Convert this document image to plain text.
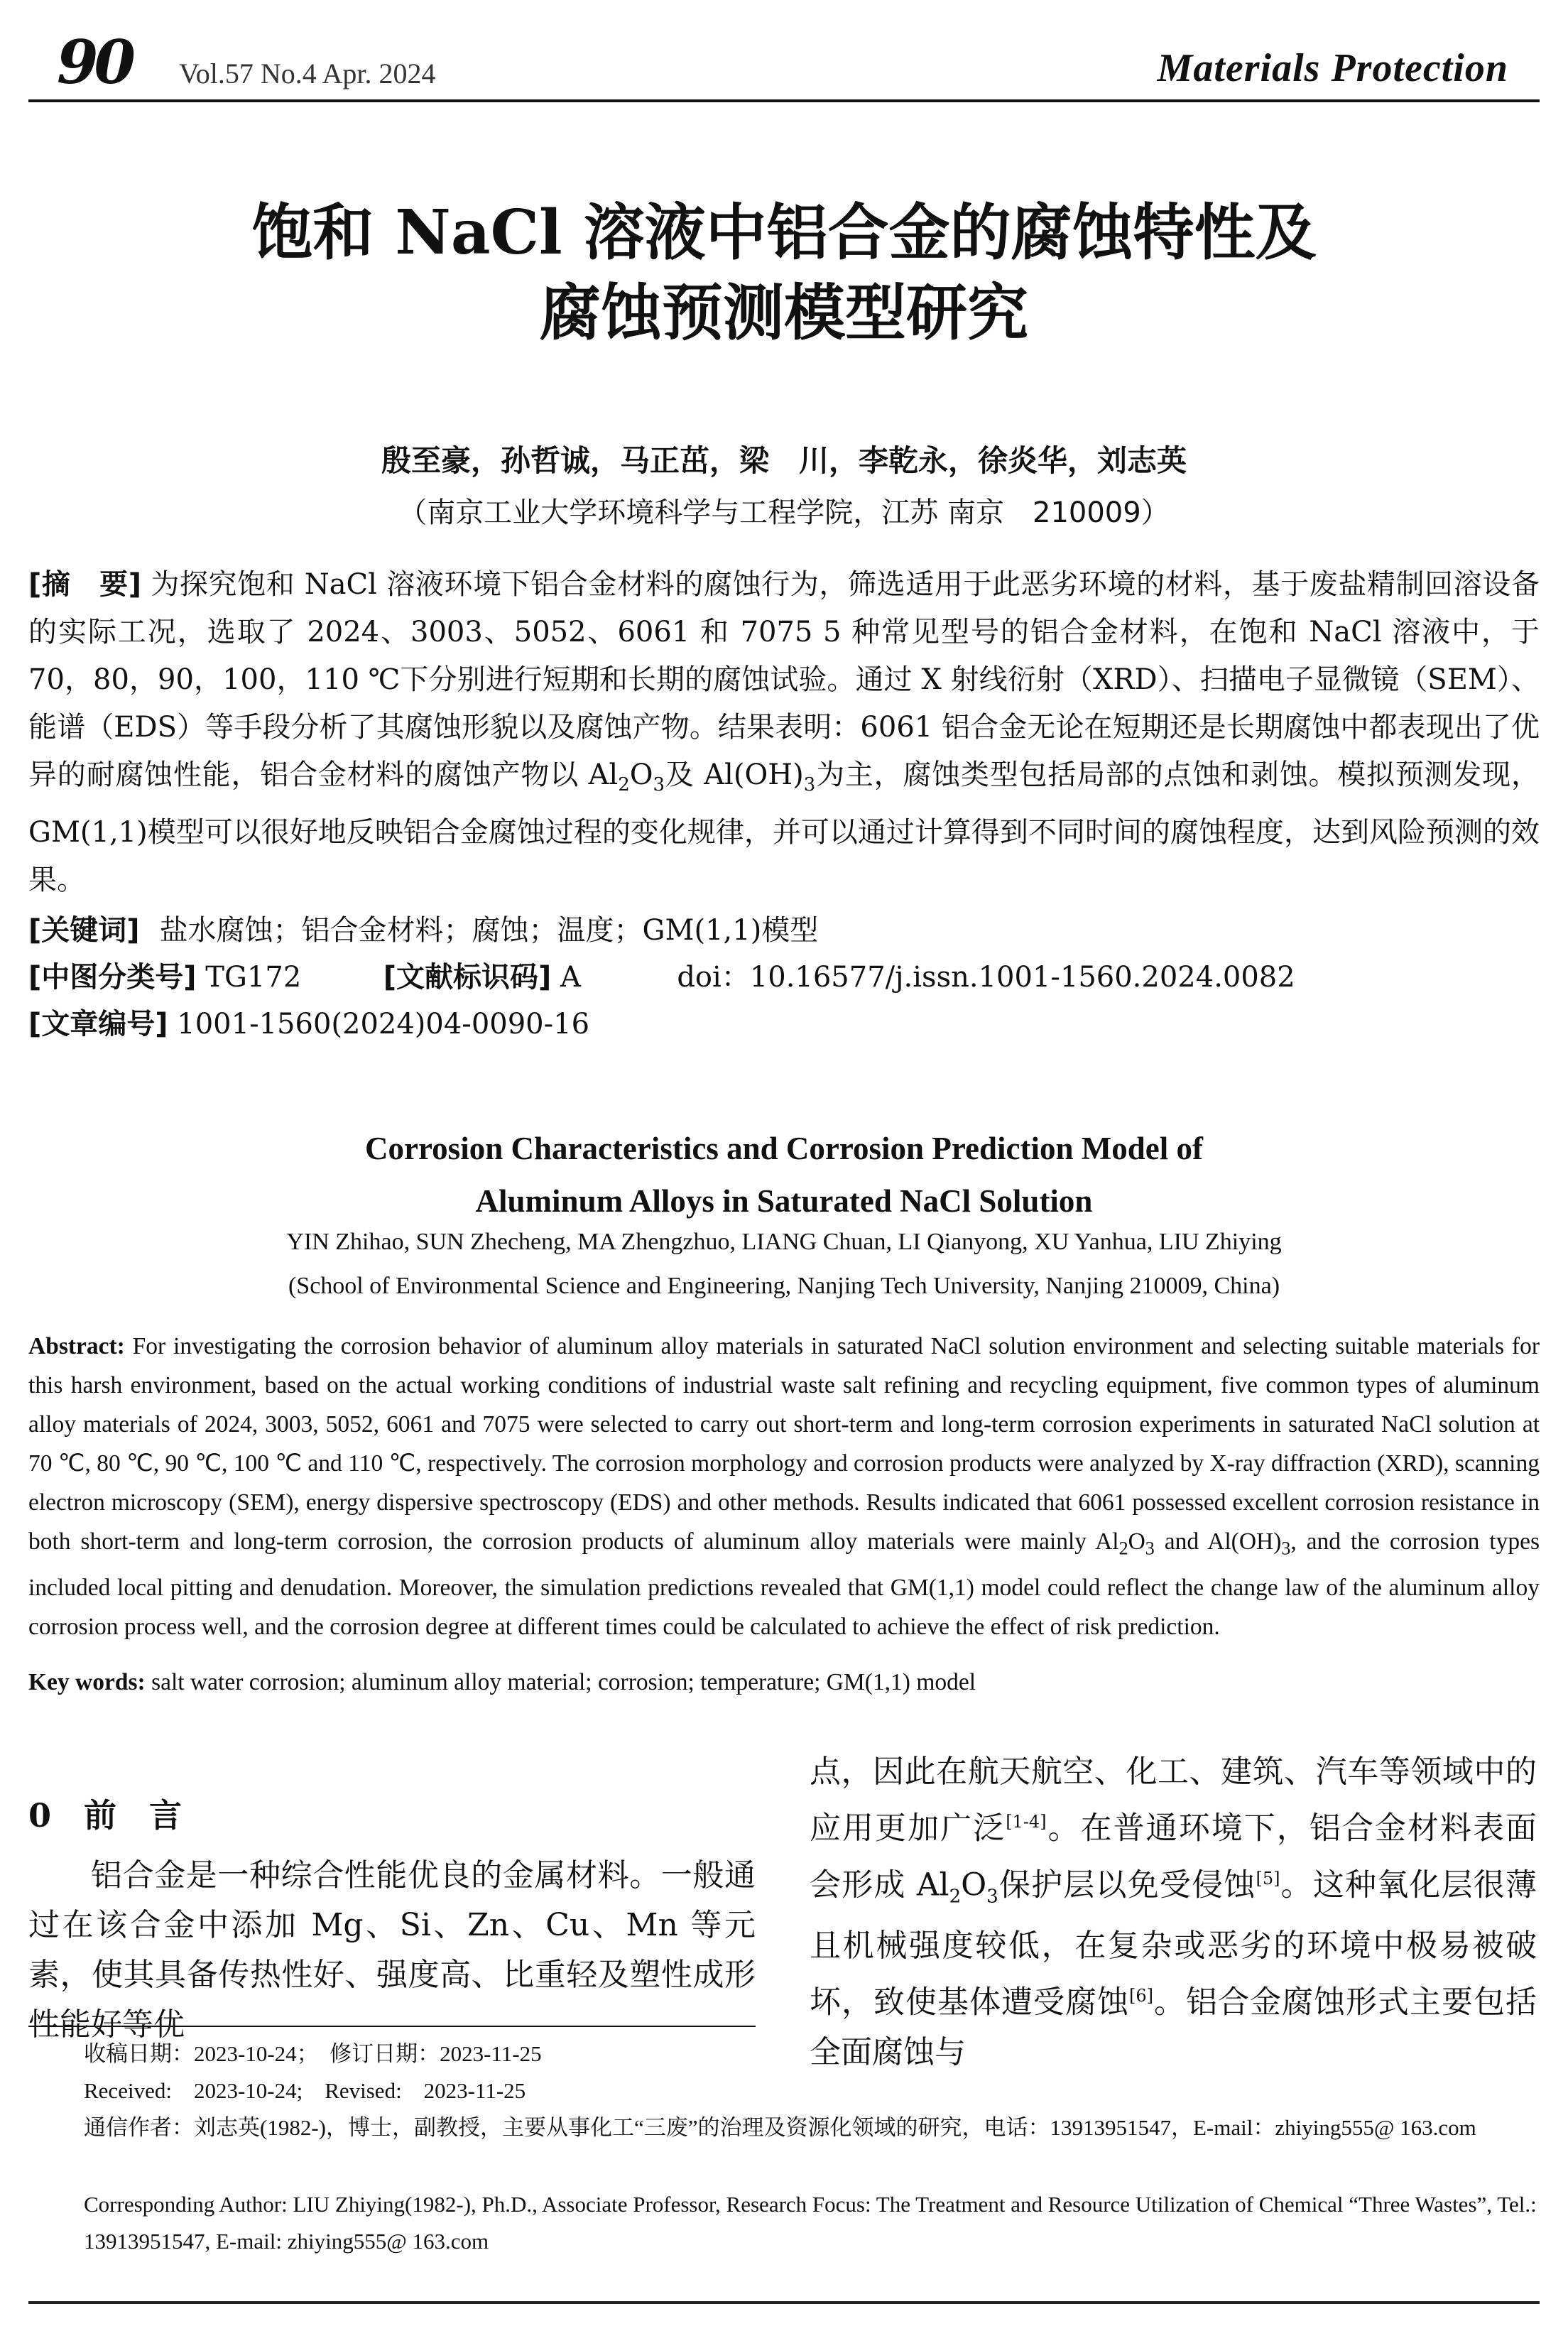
90 Vol.57 No.4 Apr. 2024	Materials Protection
饱和 NaCl 溶液中铝合金的腐蚀特性及
腐蚀预测模型研究
殷至豪，孙哲诚，马正茁，梁　川，李乾永，徐炎华，刘志英
（南京工业大学环境科学与工程学院，江苏 南京　210009）
[摘　要] 为探究饱和 NaCl 溶液环境下铝合金材料的腐蚀行为，筛选适用于此恶劣环境的材料，基于废盐精制回溶设备的实际工况，选取了 2024、3003、5052、6061 和 7075 5 种常见型号的铝合金材料，在饱和 NaCl 溶液中，于 70，80，90，100，110 ℃下分别进行短期和长期的腐蚀试验。通过 X 射线衍射（XRD）、扫描电子显微镜（SEM）、能谱（EDS）等手段分析了其腐蚀形貌以及腐蚀产物。结果表明：6061 铝合金无论在短期还是长期腐蚀中都表现出了优异的耐腐蚀性能，铝合金材料的腐蚀产物以 $Al_2O_3$及 $Al(OH)_3$为主，腐蚀类型包括局部的点蚀和剥蚀。模拟预测发现，GM(1,1)模型可以很好地反映铝合金腐蚀过程的变化规律，并可以通过计算得到不同时间的腐蚀程度，达到风险预测的效果。
[关键词] 盐水腐蚀；铝合金材料；腐蚀；温度；GM(1,1)模型
[中图分类号] TG172	[文献标识码] A	doi：10.16577/j.issn.1001-1560.2024.0082
[文章编号] 1001-1560(2024)04-0090-16
Corrosion Characteristics and Corrosion Prediction Model of
Aluminum Alloys in Saturated NaCl Solution
YIN Zhihao, SUN Zhecheng, MA Zhengzhuo, LIANG Chuan, LI Qianyong, XU Yanhua, LIU Zhiying
(School of Environmental Science and Engineering, Nanjing Tech University, Nanjing 210009, China)
Abstract: For investigating the corrosion behavior of aluminum alloy materials in saturated NaCl solution environment and selecting suitable materials for this harsh environment, based on the actual working conditions of industrial waste salt refining and recycling equipment, five common types of aluminum alloy materials of 2024, 3003, 5052, 6061 and 7075 were selected to carry out short-term and long-term corrosion experiments in saturated NaCl solution at 70 ℃, 80 ℃, 90 ℃, 100 ℃ and 110 ℃, respectively. The corrosion morphology and corrosion products were analyzed by X-ray diffraction (XRD), scanning electron microscopy (SEM), energy dispersive spectroscopy (EDS) and other methods. Results indicated that 6061 possessed excellent corrosion resistance in both short-term and long-term corrosion, the corrosion products of aluminum alloy materials were mainly $Al_2O_3$ and $Al(OH)_3$, and the corrosion types included local pitting and denudation. Moreover, the simulation predictions revealed that GM(1,1) model could reflect the change law of the aluminum alloy corrosion process well, and the corrosion degree at different times could be calculated to achieve the effect of risk prediction.
Key words: salt water corrosion; aluminum alloy material; corrosion; temperature; GM(1,1) model
0　前　言
铝合金是一种综合性能优良的金属材料。一般通过在该合金中添加 Mg、Si、Zn、Cu、Mn 等元素，使其具备传热性好、强度高、比重轻及塑性成形性能好等优
点，因此在航天航空、化工、建筑、汽车等领域中的应用更加广泛[1-4]。在普通环境下，铝合金材料表面会形成 $Al_2O_3$保护层以免受侵蚀[5]。这种氧化层很薄且机械强度较低，在复杂或恶劣的环境中极易被破坏，致使基体遭受腐蚀[6]。铝合金腐蚀形式主要包括全面腐蚀与
收稿日期：2023-10-24；　修订日期：2023-11-25
Received:　2023-10-24;　Revised:　2023-11-25
通信作者：刘志英(1982-)，博士，副教授，主要从事化工“三废”的治理及资源化领域的研究，电话：13913951547，E-mail：zhiying555@ 163.com
Corresponding Author: LIU Zhiying(1982-), Ph.D., Associate Professor, Research Focus: The Treatment and Resource Utilization of Chemical “Three Wastes”, Tel.: 13913951547, E-mail: zhiying555@ 163.com
